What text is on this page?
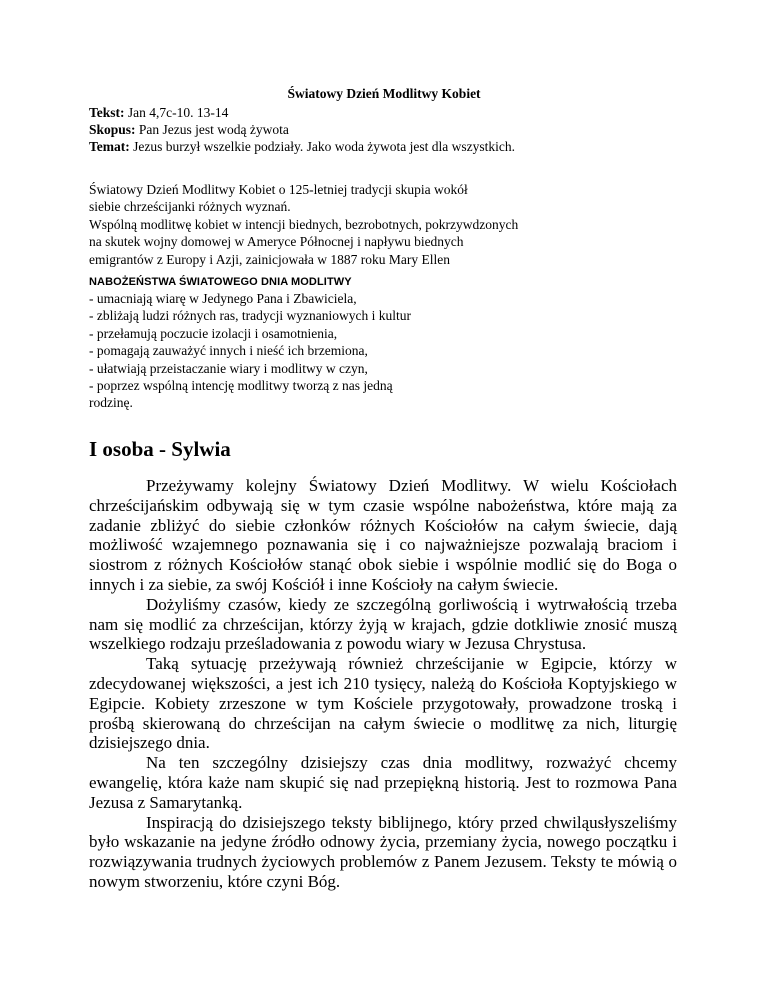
Światowy Dzień Modlitwy Kobiet
Tekst: Jan 4,7c-10. 13-14
Skopus: Pan Jezus jest wodą żywota
Temat: Jezus burzył wszelkie podziały. Jako woda żywota jest dla wszystkich.
Światowy Dzień Modlitwy Kobiet o 125-letniej tradycji skupia wokół
siebie chrześcijanki różnych wyznań.
Wspólną modlitwę kobiet w intencji biednych, bezrobotnych, pokrzywdzonych
na skutek wojny domowej w Ameryce Północnej i napływu biednych
emigrantów z Europy i Azji, zainicjowała w 1887 roku Mary Ellen
NABOŻEŃSTWA ŚWIATOWEGO DNIA MODLITWY
- umacniają wiarę w Jedynego Pana i Zbawiciela,
- zbliżają ludzi różnych ras, tradycji wyznaniowych i kultur
- przełamują poczucie izolacji i osamotnienia,
- pomagają zauważyć innych i nieść ich brzemiona,
- ułatwiają przeistaczanie wiary i modlitwy w czyn,
- poprzez wspólną intencję modlitwy tworzą z nas jedną
rodzinę.
I osoba - Sylwia

Przeżywamy kolejny Światowy Dzień Modlitwy. W wielu Kościołach chrześcijańskim odbywają się w tym czasie wspólne nabożeństwa, które mają za zadanie zbliżyć do siebie członków różnych Kościołów na całym świecie, dają możliwość wzajemnego poznawania się i co najważniejsze pozwalają braciom i siostrom z różnych Kościołów stanąć obok siebie i wspólnie modlić się do Boga o innych i za siebie, za swój Kościół i inne Kościoły na całym świecie.

Dożyliśmy czasów, kiedy ze szczególną gorliwością i wytrwałością trzeba nam się modlić za chrześcijan, którzy żyją w krajach, gdzie dotkliwie znosić muszą wszelkiego rodzaju prześladowania z powodu wiary w Jezusa Chrystusa.

Taką sytuację przeżywają również chrześcijanie w Egipcie, którzy w zdecydowanej większości, a jest ich 210 tysięcy, należą do Kościoła Koptyjskiego w Egipcie. Kobiety zrzeszone w tym Kościele przygotowały, prowadzone troską i prośbą skierowaną do chrześcijan na całym świecie o modlitwę za nich, liturgię dzisiejszego dnia.

Na ten szczególny dzisiejszy czas dnia modlitwy, rozważyć chcemy ewangelię, która każe nam skupić się nad przepiękną historią. Jest to rozmowa Pana Jezusa z Samarytanką.

Inspiracją do dzisiejszego teksty biblijnego, który przed chwiląusłyszeliśmy było wskazanie na jedyne źródło odnowy życia, przemiany życia, nowego początku i rozwiązywania trudnych życiowych problemów z Panem Jezusem. Teksty te mówią o nowym stworzeniu, które czyni Bóg.
